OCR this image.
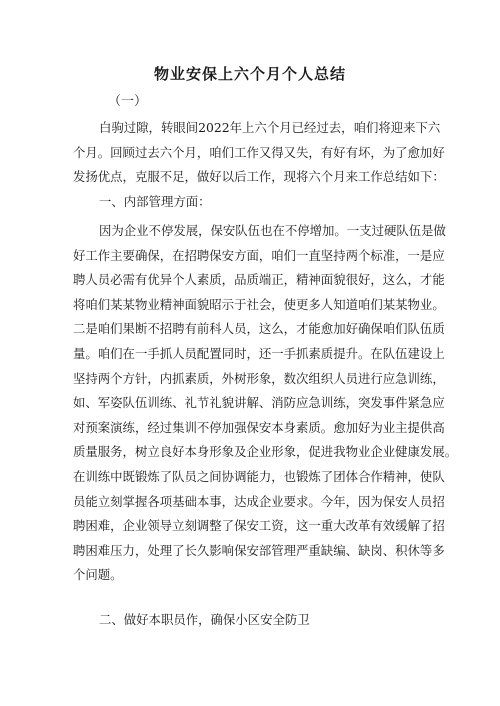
物业安保上六个月个人总结
（一）
白驹过隙，转眼间2022年上六个月已经过去，咱们将迎来下六
个月。回顾过去六个月，咱们工作又得又失，有好有坏，为了愈加好
发扬优点，克服不足，做好以后工作，现将六个月来工作总结如下：
一、内部管理方面：
因为企业不停发展，保安队伍也在不停增加。一支过硬队伍是做
好工作主要确保，在招聘保安方面，咱们一直坚持两个标准，一是应
聘人员必需有优异个人素质，品质端正，精神面貌很好，这么，才能
将咱们某某物业精神面貌昭示于社会，使更多人知道咱们某某物业。
二是咱们果断不招聘有前科人员，这么，才能愈加好确保咱们队伍质
量。咱们在一手抓人员配置同时，还一手抓素质提升。在队伍建设上
坚持两个方针，内抓素质，外树形象，数次组织人员进行应急训练，
如、军姿队伍训练、礼节礼貌讲解、消防应急训练，突发事件紧急应
对预案演练，经过集训不停加强保安本身素质。愈加好为业主提供高
质量服务，树立良好本身形象及企业形象，促进我物业企业健康发展。
在训练中既锻炼了队员之间协调能力，也锻炼了团体合作精神，使队
员能立刻掌握各项基础本事，达成企业要求。今年，因为保安人员招
聘困难，企业领导立刻调整了保安工资，这一重大改革有效缓解了招
聘困难压力，处理了长久影响保安部管理严重缺编、缺岗、积休等多
个问题。
二、做好本职员作，确保小区安全防卫
